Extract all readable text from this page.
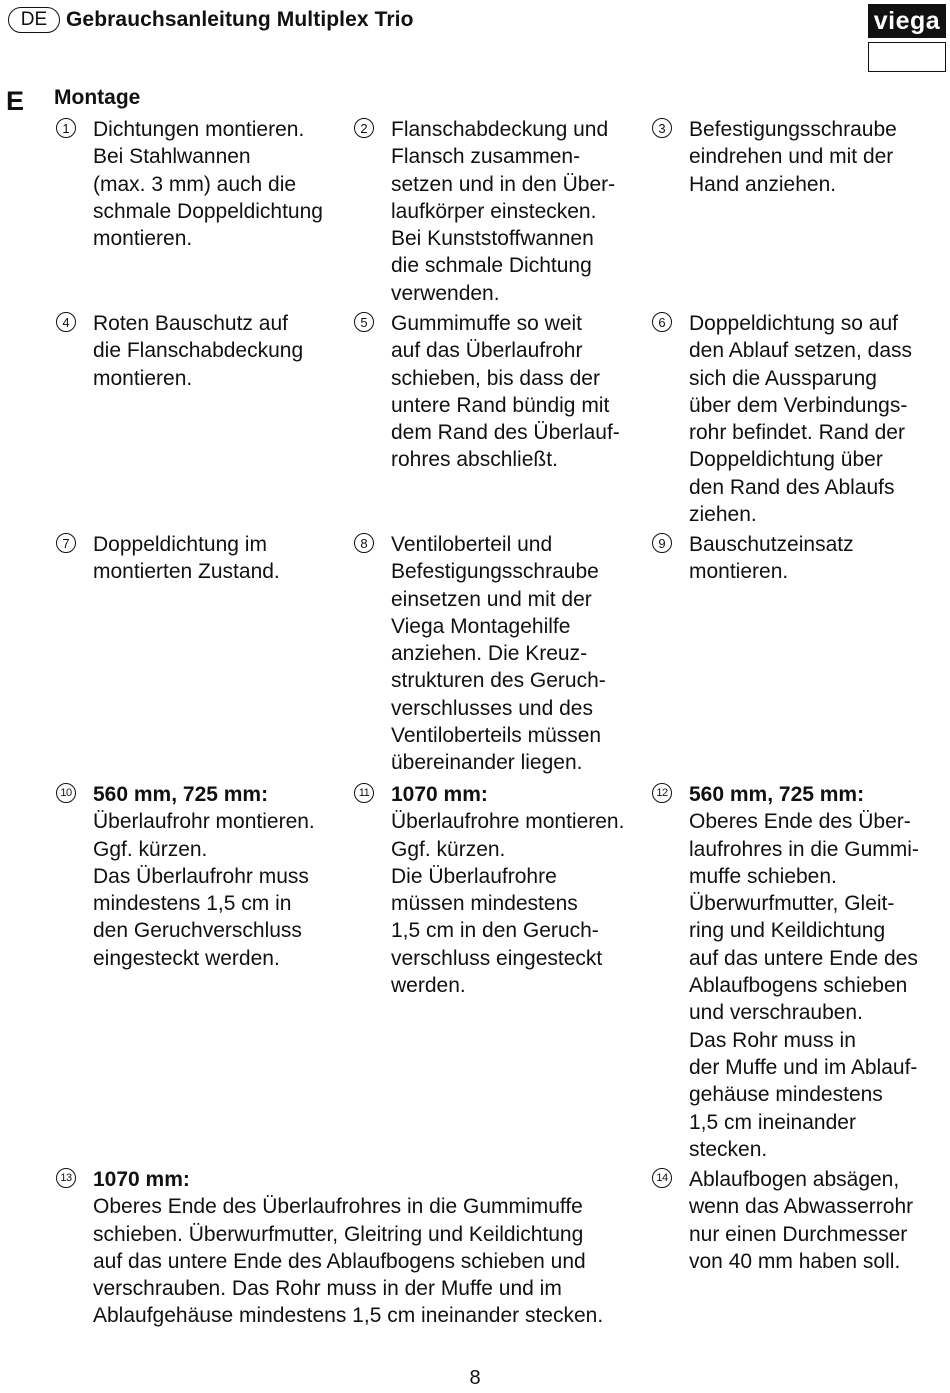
DE Gebrauchsanleitung Multiplex Trio	viega
E Montage
1	Dichtungen montieren.
Bei Stahlwannen
(max. 3 mm) auch die
schmale Doppeldichtung
montieren.
2	Flanschabdeckung und
Flansch zusammen-
setzen und in den Über-
laufkörper einstecken.
Bei Kunststoffwannen
die schmale Dichtung
verwenden.
3	Befestigungsschraube
eindrehen und mit der
Hand anziehen.
4	Roten Bauschutz auf
die Flanschabdeckung
montieren.
5	Gummimuffe so weit
auf das Überlaufrohr
schieben, bis dass der
untere Rand bündig mit
dem Rand des Überlauf-
rohres abschließt.
6	Doppeldichtung so auf
den Ablauf setzen, dass
sich die Aussparung
über dem Verbindungs-
rohr befindet. Rand der
Doppeldichtung über
den Rand des Ablaufs
ziehen.
7	Doppeldichtung im
montierten Zustand.
8	Ventiloberteil und
Befestigungsschraube
einsetzen und mit der
Viega Montagehilfe
anziehen. Die Kreuz-
strukturen des Geruch-
verschlusses und des
Ventiloberteils müssen
übereinander liegen.
9	Bauschutzeinsatz
montieren.
10 560 mm, 725 mm:
Überlaufrohr montieren.
Ggf. kürzen.
Das Überlaufrohr muss
mindestens 1,5 cm in
den Geruchverschluss
eingesteckt werden.
11 1070 mm:
Überlaufrohre montieren.
Ggf. kürzen.
Die Überlaufrohre
müssen mindestens
1,5 cm in den Geruch-
verschluss eingesteckt
werden.
12 560 mm, 725 mm:
Oberes Ende des Über-
laufrohres in die Gummi-
muffe schieben.
Überwurfmutter, Gleit-
ring und Keildichtung
auf das untere Ende des
Ablaufbogens schieben
und verschrauben.
Das Rohr muss in
der Muffe und im Ablauf-
gehäuse mindestens
1,5 cm ineinander
stecken.
13 1070 mm:
Oberes Ende des Überlaufrohres in die Gummimuffe
schieben. Überwurfmutter, Gleitring und Keildichtung
auf das untere Ende des Ablaufbogens schieben und
verschrauben. Das Rohr muss in der Muffe und im
Ablaufgehäuse mindestens 1,5 cm ineinander stecken.
14 Ablaufbogen absägen,
wenn das Abwasserrohr
nur einen Durchmesser
von 40 mm haben soll.
8
